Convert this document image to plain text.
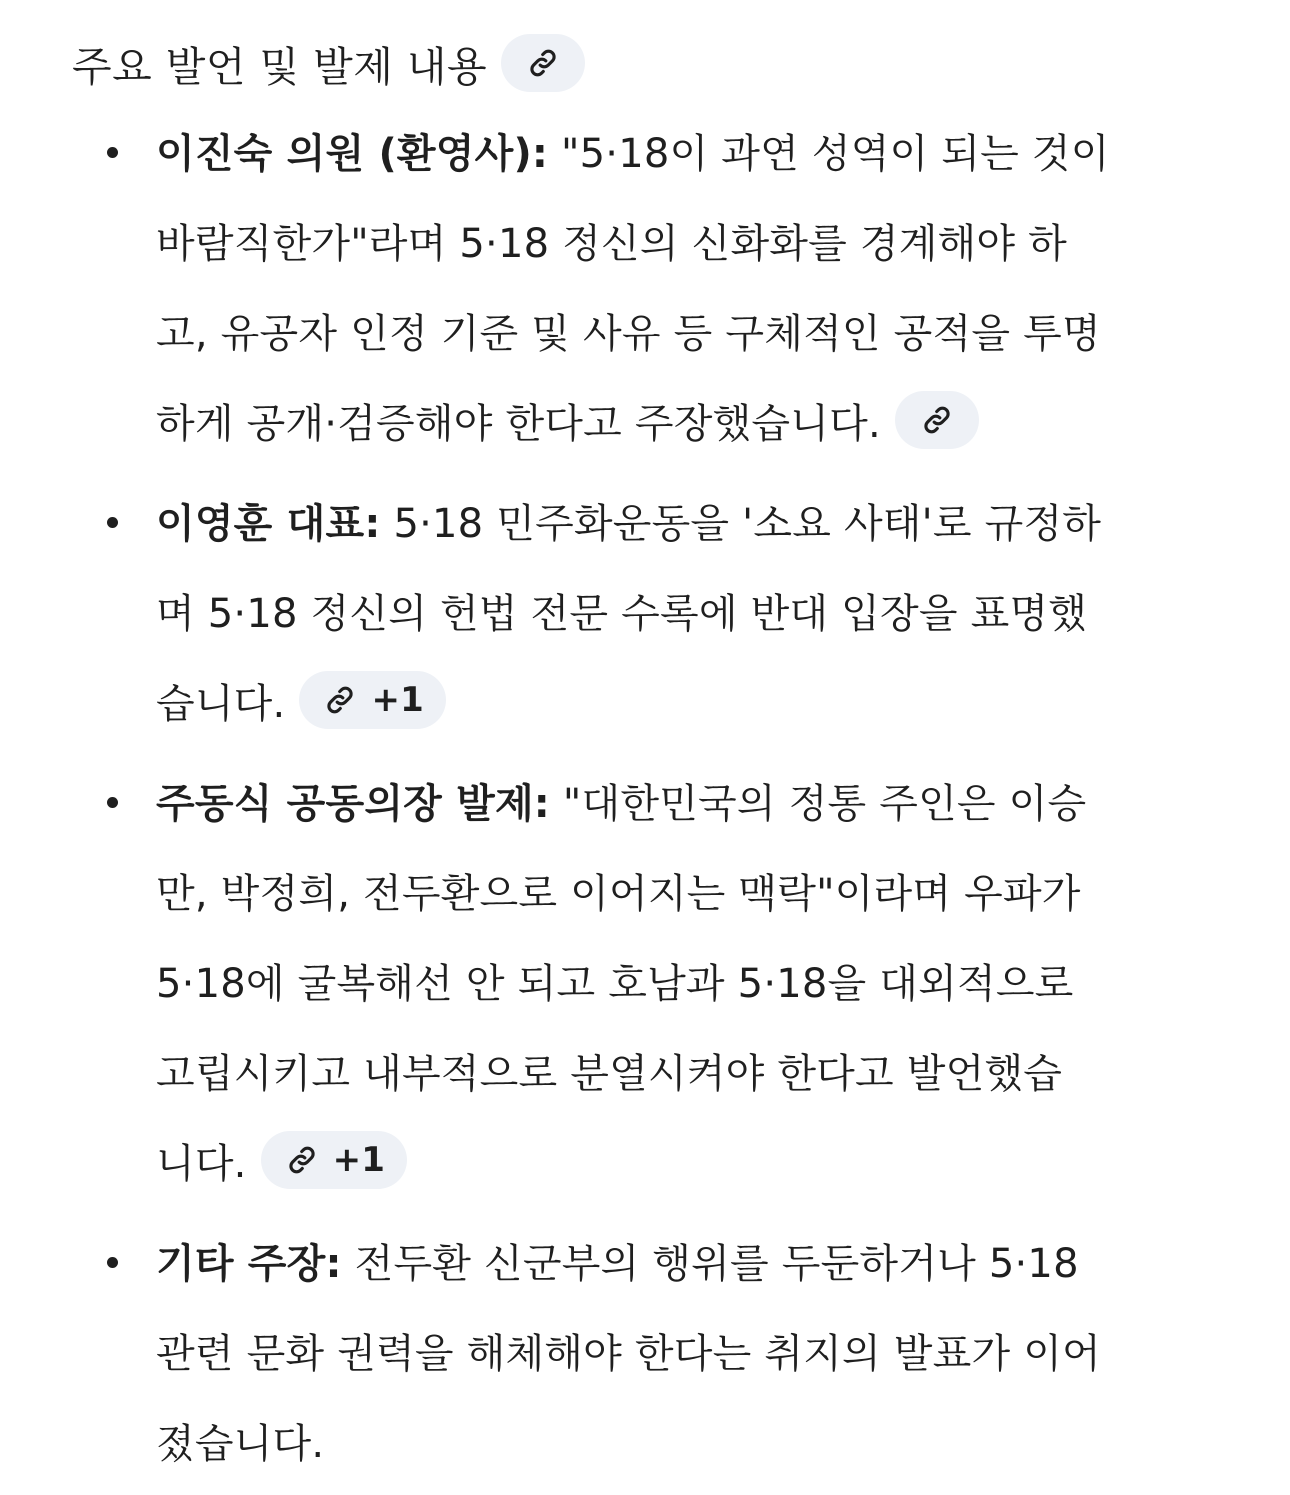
주요 발언 및 발제 내용
이진숙 의원 (환영사): "5·18이 과연 성역이 되는 것이
바람직한가"라며 5·18 정신의 신화화를 경계해야 하
고, 유공자 인정 기준 및 사유 등 구체적인 공적을 투명
하게 공개·검증해야 한다고 주장했습니다.
이영훈 대표: 5·18 민주화운동을 '소요 사태'로 규정하
며 5·18 정신의 헌법 전문 수록에 반대 입장을 표명했
습니다.	+1
주동식 공동의장 발제: "대한민국의 정통 주인은 이승
만, 박정희, 전두환으로 이어지는 맥락"이라며 우파가
5·18에 굴복해선 안 되고 호남과 5·18을 대외적으로
고립시키고 내부적으로 분열시켜야 한다고 발언했습
니다.	+1
기타 주장: 전두환 신군부의 행위를 두둔하거나 5·18
관련 문화 권력을 해체해야 한다는 취지의 발표가 이어
졌습니다.
